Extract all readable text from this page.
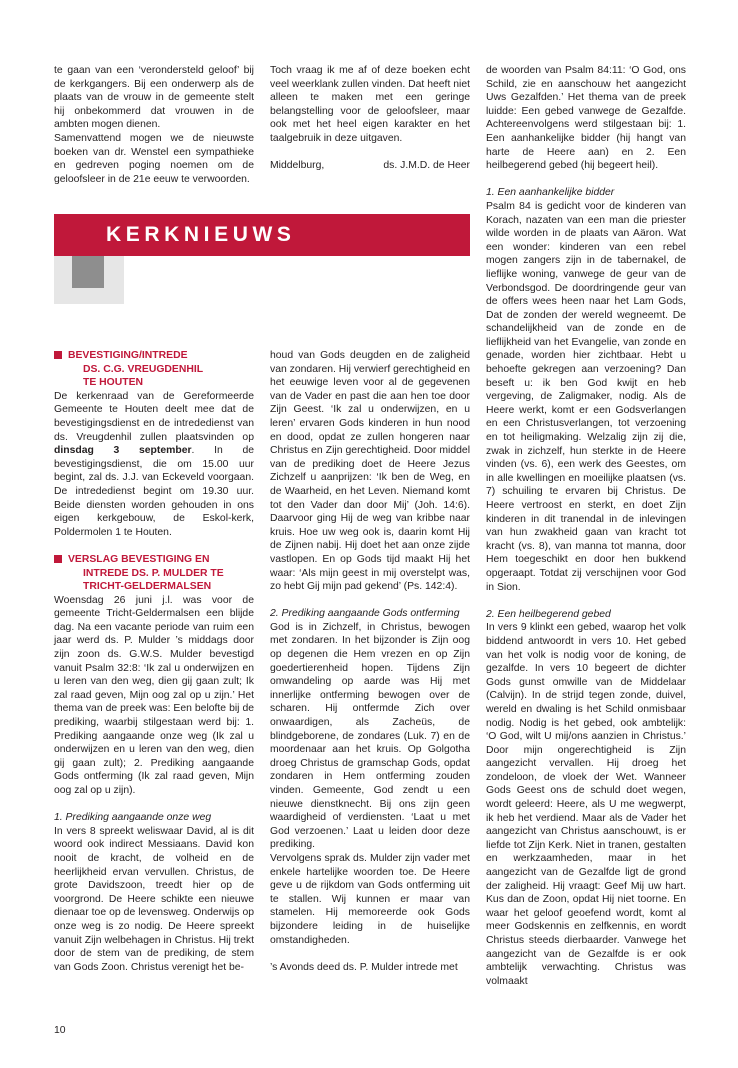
te gaan van een ‘verondersteld geloof’ bij de kerkgangers. Bij een onderwerp als de plaats van de vrouw in de gemeente stelt hij onbekommerd dat vrouwen in de ambten mogen dienen.

Samenvattend mogen we de nieuwste boeken van dr. Wenstel een sympathieke en gedreven poging noemen om de geloofsleer in de 21e eeuw te verwoorden.

Toch vraag ik me af of deze boeken echt veel weerklank zullen vinden. Dat heeft niet alleen te maken met een geringe belangstelling voor de geloofsleer, maar ook met het heel eigen karakter en het taalgebruik in deze uitgaven.

Middelburg,	ds. J.M.D. de Heer
KERKNIEUWS
BEVESTIGING/INTREDE
DS. C.G. VREUGDENHIL
TE HOUTEN

De kerkenraad van de Gereformeerde Gemeente te Houten deelt mee dat de bevestigingsdienst en de intrededienst van ds. Vreugdenhil zullen plaatsvinden op dinsdag 3 september. In de bevestigingsdienst, die om 15.00 uur begint, zal ds. J.J. van Eckeveld voorgaan. De intrededienst begint om 19.30 uur. Beide diensten worden gehouden in ons eigen kerkgebouw, de Eskol-kerk, Poldermolen 1 te Houten.

VERSLAG BEVESTIGING EN
INTREDE DS. P. MULDER TE
TRICHT-GELDERMALSEN

Woensdag 26 juni j.l. was voor de gemeente Tricht-Geldermalsen een blijde dag. Na een vacante periode van ruim een jaar werd ds. P. Mulder ’s middags door zijn zoon ds. G.W.S. Mulder bevestigd vanuit Psalm 32:8: ‘Ik zal u onderwijzen en u leren van den weg, dien gij gaan zult; Ik zal raad geven, Mijn oog zal op u zijn.’ Het thema van de preek was: Een belofte bij de prediking, waarbij stilgestaan werd bij: 1. Prediking aangaande onze weg (Ik zal u onderwijzen en u leren van den weg, dien gij gaan zult); 2. Prediking aangaande Gods ontferming (Ik zal raad geven, Mijn oog zal op u zijn).

1. Prediking aangaande onze weg

In vers 8 spreekt weliswaar David, al is dit woord ook indirect Messiaans. David kon nooit de kracht, de volheid en de heerlijkheid ervan vervullen. Christus, de grote Davidszoon, treedt hier op de voorgrond. De Heere schikte een nieuwe dienaar toe op de levensweg. Onderwijs op onze weg is zo nodig. De Heere spreekt vanuit Zijn welbehagen in Christus. Hij trekt door de stem van de prediking, de stem van Gods Zoon. Christus verenigt het be-

houd van Gods deugden en de zaligheid van zondaren. Hij verwierf gerechtigheid en het eeuwige leven voor al de gegevenen van de Vader en past die aan hen toe door Zijn Geest. ‘Ik zal u onderwijzen, en u leren’ ervaren Gods kinderen in hun nood en dood, opdat ze zullen hongeren naar Christus en Zijn gerechtigheid. Door middel van de prediking doet de Heere Jezus Zichzelf u aanprijzen: ‘Ik ben de Weg, en de Waarheid, en het Leven. Niemand komt tot den Vader dan door Mij’ (Joh. 14:6). Daarvoor ging Hij de weg van kribbe naar kruis. Hoe uw weg ook is, daarin komt Hij de Zijnen nabij. Hij doet het aan onze zijde vastlopen. En op Gods tijd maakt Hij het waar: ‘Als mijn geest in mij overstelpt was, zo hebt Gij mijn pad gekend’ (Ps. 142:4).

2. Prediking aangaande Gods ontferming

God is in Zichzelf, in Christus, bewogen met zondaren. In het bijzonder is Zijn oog op degenen die Hem vrezen en op Zijn goedertierenheid hopen. Tijdens Zijn omwandeling op aarde was Hij met innerlijke ontferming bewogen over de scharen. Hij ontfermde Zich over onwaardigen, als Zacheüs, de blindgeborene, de zondares (Luk. 7) en de moordenaar aan het kruis. Op Golgotha droeg Christus de gramschap Gods, opdat zondaren in Hem ontferming zouden vinden. Gemeente, God zendt u een nieuwe dienstknecht. Bij ons zijn geen waardigheid of verdiensten. ‘Laat u met God verzoenen.’ Laat u leiden door deze prediking.

Vervolgens sprak ds. Mulder zijn vader met enkele hartelijke woorden toe. De Heere geve u de rijkdom van Gods ontferming uit te stallen. Wij kunnen er maar van stamelen. Hij memoreerde ook Gods bijzondere leiding in de huiselijke omstandigheden.

’s Avonds deed ds. P. Mulder intrede met

de woorden van Psalm 84:11: ‘O God, ons Schild, zie en aanschouw het aangezicht Uws Gezalfden.’ Het thema van de preek luidde: Een gebed vanwege de Gezalfde. Achtereenvolgens werd stilgestaan bij: 1. Een aanhankelijke bidder (hij hangt van harte de Heere aan) en 2. Een heilbegerend gebed (hij begeert heil).

1. Een aanhankelijke bidder

Psalm 84 is gedicht voor de kinderen van Korach, nazaten van een man die priester wilde worden in de plaats van Aäron. Wat een wonder: kinderen van een rebel mogen zangers zijn in de tabernakel, de lieflijke woning, vanwege de geur van de Verbondsgod. De doordringende geur van de offers wees heen naar het Lam Gods, Dat de zonden der wereld wegneemt. De schandelijkheid van de zonde en de lieflijkheid van het Evangelie, van zonde en genade, worden hier zichtbaar. Hebt u behoefte gekregen aan verzoening? Dan beseft u: ik ben God kwijt en heb vergeving, de Zaligmaker, nodig. Als de Heere werkt, komt er een Godsverlangen en een Christusverlangen, tot verzoening en tot heiligmaking. Welzalig zijn zij die, zwak in zichzelf, hun sterkte in de Heere vinden (vs. 6), een werk des Geestes, om in alle kwellingen en moeilijke plaatsen (vs. 7) schuiling te ervaren bij Christus. De Heere vertroost en sterkt, en doet Zijn kinderen in dit tranendal in de inlevingen van hun zwakheid gaan van kracht tot kracht (vs. 8), van manna tot manna, door Hem toegeschikt en door hen bukkend opgeraapt. Totdat zij verschijnen voor God in Sion.

2. Een heilbegerend gebed

In vers 9 klinkt een gebed, waarop het volk biddend antwoordt in vers 10. Het gebed van het volk is nodig voor de koning, de gezalfde. In vers 10 begeert de dichter Gods gunst omwille van de Middelaar (Calvijn). In de strijd tegen zonde, duivel, wereld en dwaling is het Schild onmisbaar nodig. Nodig is het gebed, ook ambtelijk: ‘O God, wilt U mij/ons aanzien in Christus.’ Door mijn ongerechtigheid is Zijn aangezicht vervallen. Hij droeg het zondeloon, de vloek der Wet. Wanneer Gods Geest ons de schuld doet wegen, wordt geleerd: Heere, als U me wegwerpt, ik heb het verdiend. Maar als de Vader het aangezicht van Christus aanschouwt, is er liefde tot Zijn Kerk. Niet in tranen, gestalten en werkzaamheden, maar in het aangezicht van de Gezalfde ligt de grond der zaligheid. Hij vraagt: Geef Mij uw hart. Kus dan de Zoon, opdat Hij niet toorne. En waar het geloof geoefend wordt, komt al meer Godskennis en zelfkennis, en wordt Christus steeds dierbaarder. Vanwege het aangezicht van de Gezalfde is er ook ambtelijk verwachting. Christus was volmaakt

10
